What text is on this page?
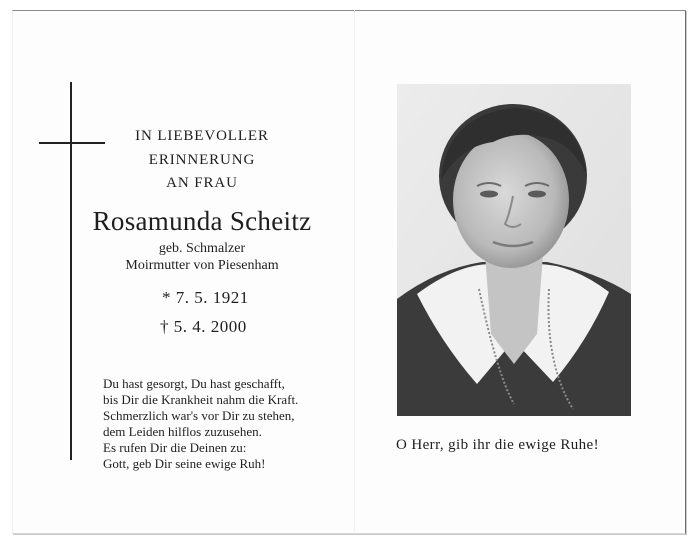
IN LIEBEVOLLER
ERINNERUNG
AN FRAU
Rosamunda Scheitz
geb. Schmalzer
Moirmutter von Piesenham
* 7. 5. 1921
† 5. 4. 2000
Du hast gesorgt, Du hast geschafft,
bis Dir die Krankheit nahm die Kraft.
Schmerzlich war's vor Dir zu stehen,
dem Leiden hilflos zuzusehen.
Es rufen Dir die Deinen zu:
Gott, geb Dir seine ewige Ruh!
O Herr, gib ihr die ewige Ruhe!
